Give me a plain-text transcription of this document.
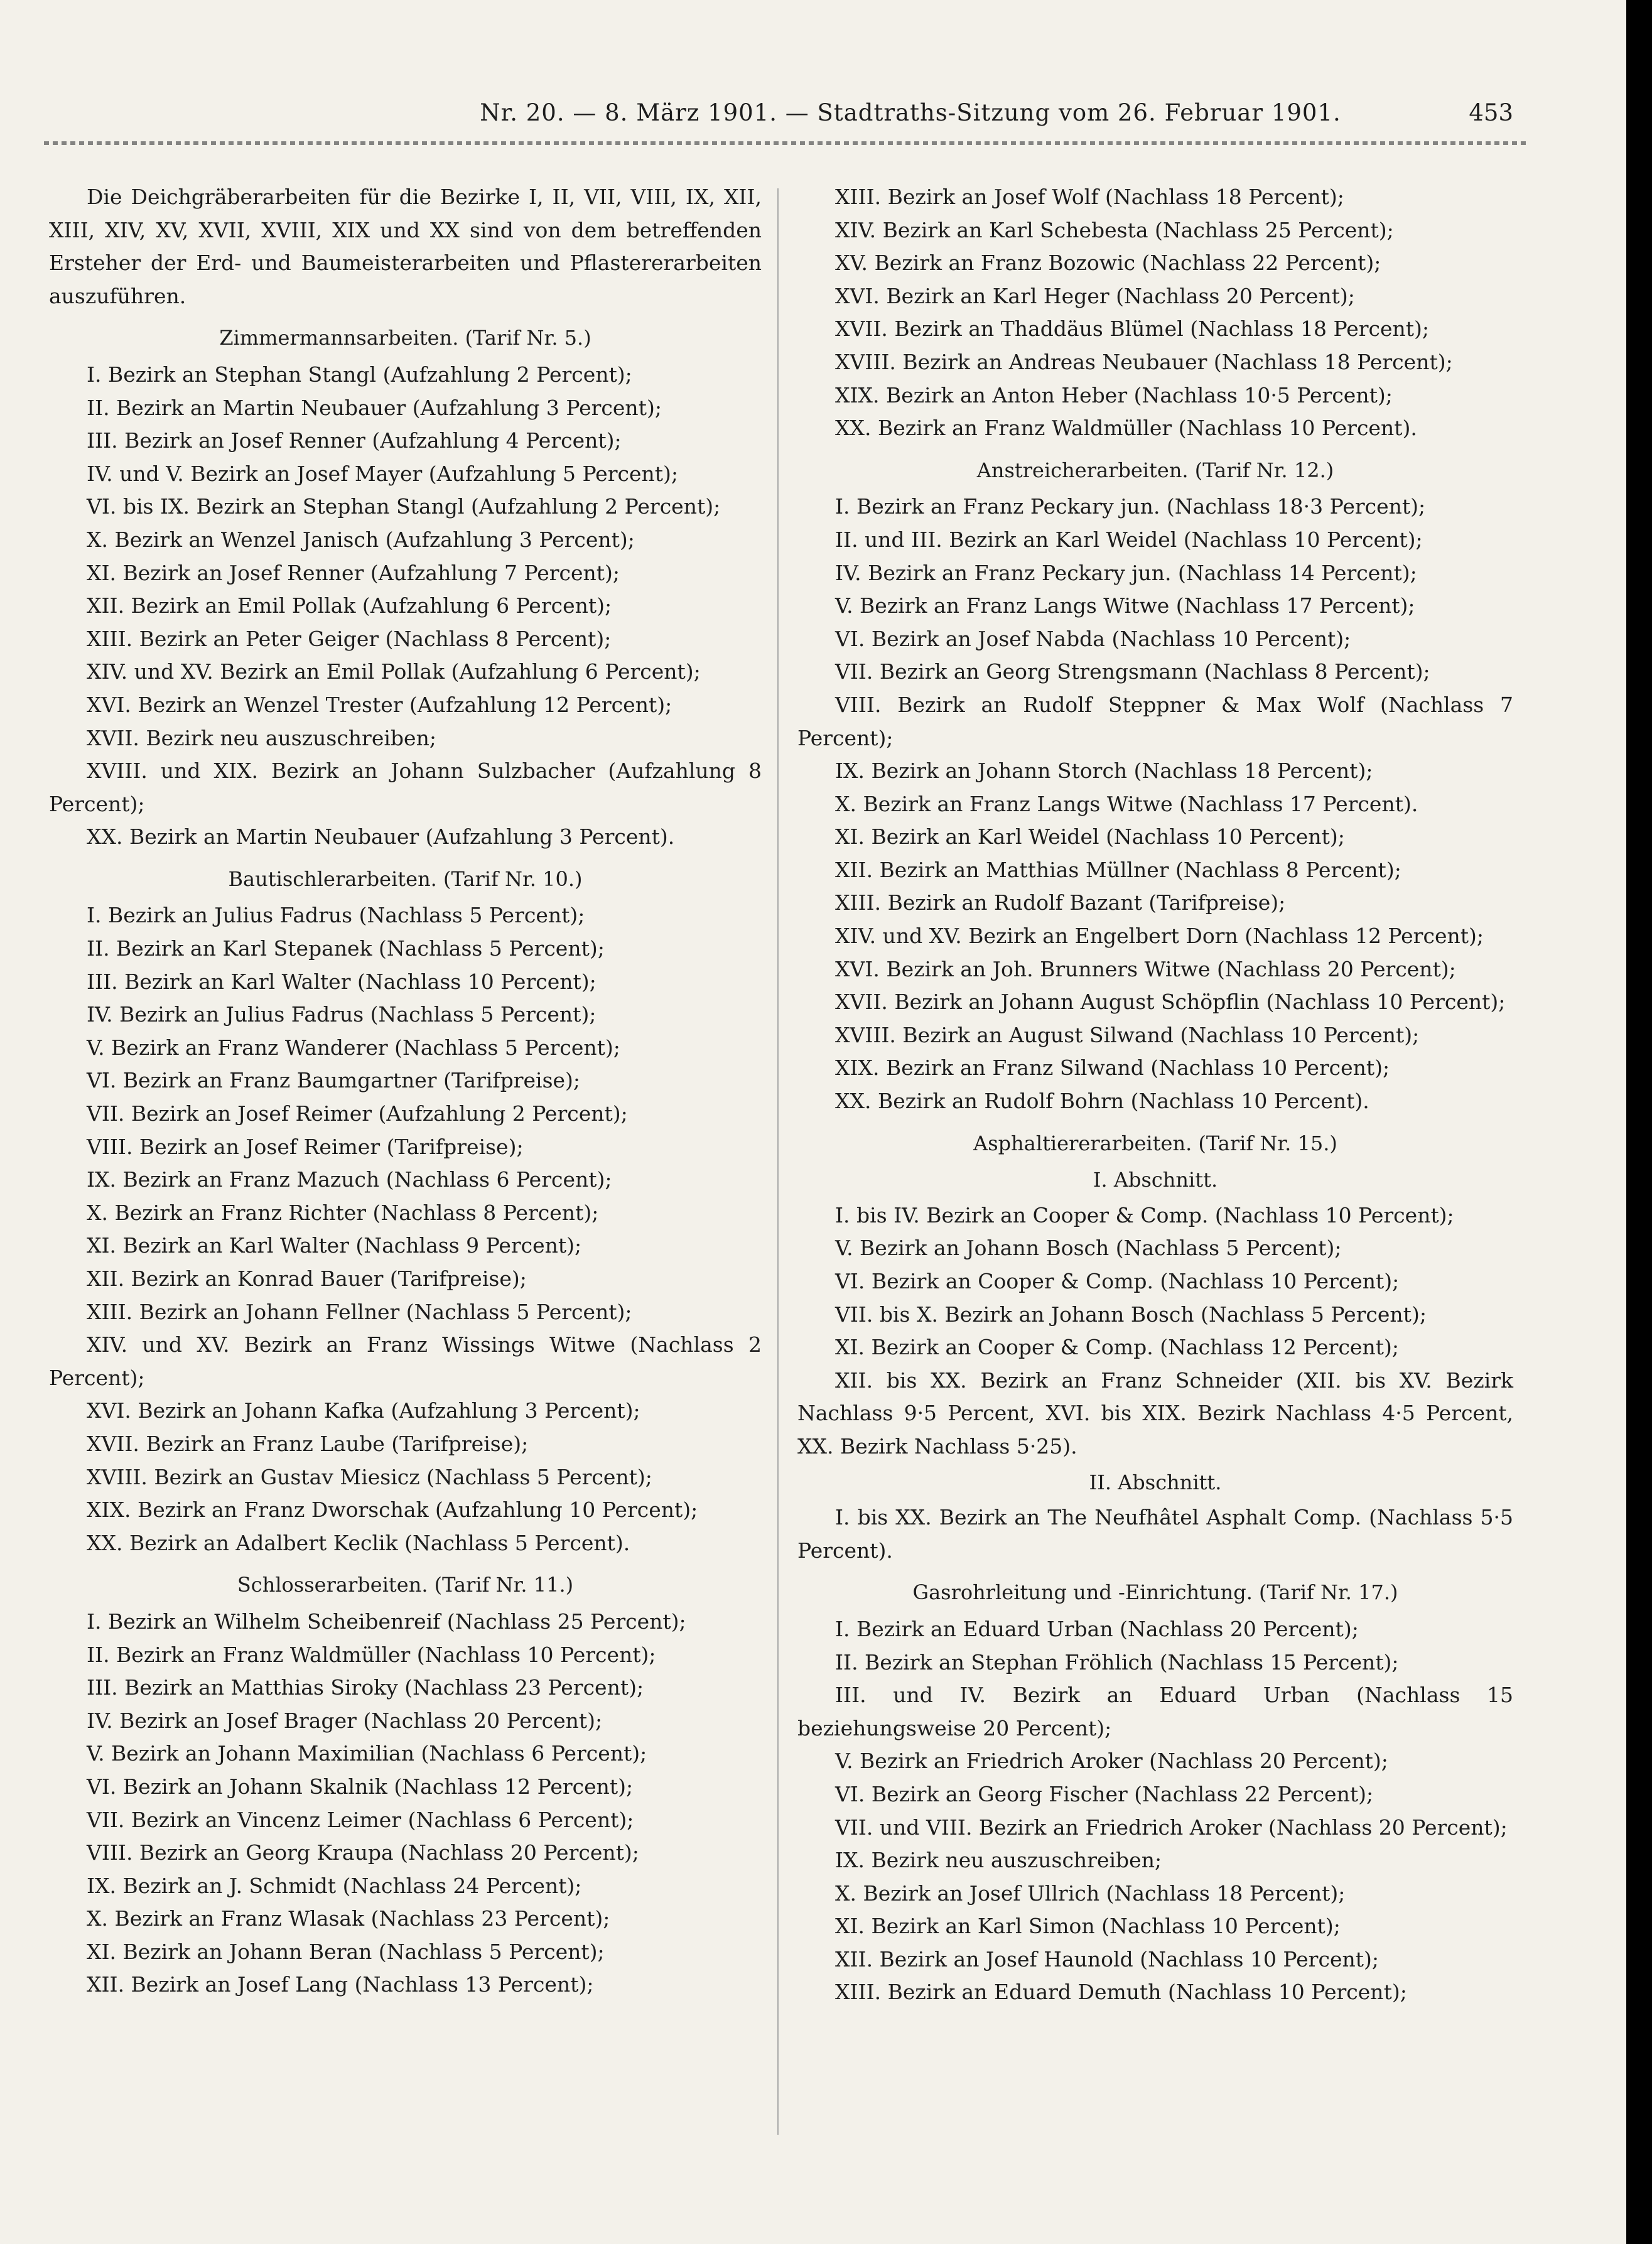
Nr. 20. — 8. März 1901. — Stadtraths-Sitzung vom 26. Februar 1901.	453

Die Deichgräberarbeiten für die Bezirke I, II, VII, VIII, IX, XII, XIII, XIV, XV, XVII, XVIII, XIX und XX sind von dem betreffenden Ersteher der Erd- und Baumeisterarbeiten und Pflastererarbeiten auszuführen.

Zimmermannsarbeiten. (Tarif Nr. 5.)

I. Bezirk an Stephan Stangl (Aufzahlung 2 Percent);

II. Bezirk an Martin Neubauer (Aufzahlung 3 Percent);

III. Bezirk an Josef Renner (Aufzahlung 4 Percent);

IV. und V. Bezirk an Josef Mayer (Aufzahlung 5 Percent);

VI. bis IX. Bezirk an Stephan Stangl (Aufzahlung 2 Percent);

X. Bezirk an Wenzel Janisch (Aufzahlung 3 Percent);

XI. Bezirk an Josef Renner (Aufzahlung 7 Percent);

XII. Bezirk an Emil Pollak (Aufzahlung 6 Percent);

XIII. Bezirk an Peter Geiger (Nachlass 8 Percent);

XIV. und XV. Bezirk an Emil Pollak (Aufzahlung 6 Percent);

XVI. Bezirk an Wenzel Trester (Aufzahlung 12 Percent);

XVII. Bezirk neu auszuschreiben;

XVIII. und XIX. Bezirk an Johann Sulzbacher (Aufzahlung 8 Percent);

XX. Bezirk an Martin Neubauer (Aufzahlung 3 Percent).

Bautischlerarbeiten. (Tarif Nr. 10.)

I. Bezirk an Julius Fadrus (Nachlass 5 Percent);

II. Bezirk an Karl Stepanek (Nachlass 5 Percent);

III. Bezirk an Karl Walter (Nachlass 10 Percent);

IV. Bezirk an Julius Fadrus (Nachlass 5 Percent);

V. Bezirk an Franz Wanderer (Nachlass 5 Percent);

VI. Bezirk an Franz Baumgartner (Tarifpreise);

VII. Bezirk an Josef Reimer (Aufzahlung 2 Percent);

VIII. Bezirk an Josef Reimer (Tarifpreise);

IX. Bezirk an Franz Mazuch (Nachlass 6 Percent);

X. Bezirk an Franz Richter (Nachlass 8 Percent);

XI. Bezirk an Karl Walter (Nachlass 9 Percent);

XII. Bezirk an Konrad Bauer (Tarifpreise);

XIII. Bezirk an Johann Fellner (Nachlass 5 Percent);

XIV. und XV. Bezirk an Franz Wissings Witwe (Nachlass 2 Percent);

XVI. Bezirk an Johann Kafka (Aufzahlung 3 Percent);

XVII. Bezirk an Franz Laube (Tarifpreise);

XVIII. Bezirk an Gustav Miesicz (Nachlass 5 Percent);

XIX. Bezirk an Franz Dworschak (Aufzahlung 10 Percent);

XX. Bezirk an Adalbert Keclik (Nachlass 5 Percent).

Schlosserarbeiten. (Tarif Nr. 11.)

I. Bezirk an Wilhelm Scheibenreif (Nachlass 25 Percent);

II. Bezirk an Franz Waldmüller (Nachlass 10 Percent);

III. Bezirk an Matthias Siroky (Nachlass 23 Percent);

IV. Bezirk an Josef Brager (Nachlass 20 Percent);

V. Bezirk an Johann Maximilian (Nachlass 6 Percent);

VI. Bezirk an Johann Skalnik (Nachlass 12 Percent);

VII. Bezirk an Vincenz Leimer (Nachlass 6 Percent);

VIII. Bezirk an Georg Kraupa (Nachlass 20 Percent);

IX. Bezirk an J. Schmidt (Nachlass 24 Percent);

X. Bezirk an Franz Wlasak (Nachlass 23 Percent);

XI. Bezirk an Johann Beran (Nachlass 5 Percent);

XII. Bezirk an Josef Lang (Nachlass 13 Percent);

XIII. Bezirk an Josef Wolf (Nachlass 18 Percent);

XIV. Bezirk an Karl Schebesta (Nachlass 25 Percent);

XV. Bezirk an Franz Bozowic (Nachlass 22 Percent);

XVI. Bezirk an Karl Heger (Nachlass 20 Percent);

XVII. Bezirk an Thaddäus Blümel (Nachlass 18 Percent);

XVIII. Bezirk an Andreas Neubauer (Nachlass 18 Percent);

XIX. Bezirk an Anton Heber (Nachlass 10·5 Percent);

XX. Bezirk an Franz Waldmüller (Nachlass 10 Percent).

Anstreicherarbeiten. (Tarif Nr. 12.)

I. Bezirk an Franz Peckary jun. (Nachlass 18·3 Percent);

II. und III. Bezirk an Karl Weidel (Nachlass 10 Percent);

IV. Bezirk an Franz Peckary jun. (Nachlass 14 Percent);

V. Bezirk an Franz Langs Witwe (Nachlass 17 Percent);

VI. Bezirk an Josef Nabda (Nachlass 10 Percent);

VII. Bezirk an Georg Strengsmann (Nachlass 8 Percent);

VIII. Bezirk an Rudolf Steppner & Max Wolf (Nachlass 7 Percent);

IX. Bezirk an Johann Storch (Nachlass 18 Percent);

X. Bezirk an Franz Langs Witwe (Nachlass 17 Percent).

XI. Bezirk an Karl Weidel (Nachlass 10 Percent);

XII. Bezirk an Matthias Müllner (Nachlass 8 Percent);

XIII. Bezirk an Rudolf Bazant (Tarifpreise);

XIV. und XV. Bezirk an Engelbert Dorn (Nachlass 12 Percent);

XVI. Bezirk an Joh. Brunners Witwe (Nachlass 20 Percent);

XVII. Bezirk an Johann August Schöpflin (Nachlass 10 Percent);

XVIII. Bezirk an August Silwand (Nachlass 10 Percent);

XIX. Bezirk an Franz Silwand (Nachlass 10 Percent);

XX. Bezirk an Rudolf Bohrn (Nachlass 10 Percent).

Asphaltiererarbeiten. (Tarif Nr. 15.)
I. Abschnitt.

I. bis IV. Bezirk an Cooper & Comp. (Nachlass 10 Percent);

V. Bezirk an Johann Bosch (Nachlass 5 Percent);

VI. Bezirk an Cooper & Comp. (Nachlass 10 Percent);

VII. bis X. Bezirk an Johann Bosch (Nachlass 5 Percent);

XI. Bezirk an Cooper & Comp. (Nachlass 12 Percent);

XII. bis XX. Bezirk an Franz Schneider (XII. bis XV. Bezirk Nachlass 9·5 Percent, XVI. bis XIX. Bezirk Nachlass 4·5 Percent, XX. Bezirk Nachlass 5·25).

II. Abschnitt.

I. bis XX. Bezirk an The Neufhâtel Asphalt Comp. (Nachlass 5·5 Percent).

Gasrohrleitung und -Einrichtung. (Tarif Nr. 17.)

I. Bezirk an Eduard Urban (Nachlass 20 Percent);

II. Bezirk an Stephan Fröhlich (Nachlass 15 Percent);

III. und IV. Bezirk an Eduard Urban (Nachlass 15 beziehungsweise 20 Percent);

V. Bezirk an Friedrich Aroker (Nachlass 20 Percent);

VI. Bezirk an Georg Fischer (Nachlass 22 Percent);

VII. und VIII. Bezirk an Friedrich Aroker (Nachlass 20 Percent);

IX. Bezirk neu auszuschreiben;

X. Bezirk an Josef Ullrich (Nachlass 18 Percent);

XI. Bezirk an Karl Simon (Nachlass 10 Percent);

XII. Bezirk an Josef Haunold (Nachlass 10 Percent);

XIII. Bezirk an Eduard Demuth (Nachlass 10 Percent);
